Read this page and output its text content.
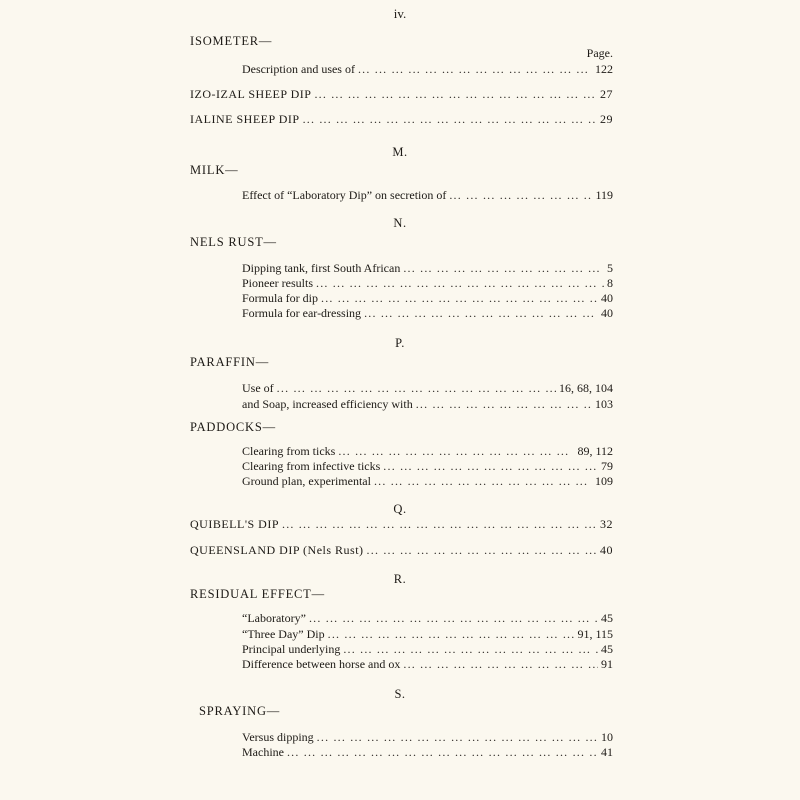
iv.
ISOMETER—
Page.
Description and uses of ... .	122
IZO-IZAL SHEEP DIP ... .	27
IALINE SHEEP DIP ... .	29
M.
MILK—
Effect of “Laboratory Dip” on secretion of ... .	119
N.
NELS RUST—
Dipping tank, first South African ... .	5
Pioneer results ... .	8
Formula for dip ... .	40
Formula for ear-dressing ... .	40
P.
PARAFFIN—
Use of ... .	16, 68, 104
and Soap, increased efficiency with ... .	103
PADDOCKS—
Clearing from ticks ... .	89, 112
Clearing from infective ticks ... .	79
Ground plan, experimental ... .	109
Q.
QUIBELL'S DIP ... .	32
QUEENSLAND DIP (Nels Rust) ... .	40
R.
RESIDUAL EFFECT—
“Laboratory” ... .	45
“Three Day” Dip ... .	91, 115
Principal underlying ... .	45
Difference between horse and ox ... .	91
S.
SPRAYING—
Versus dipping ... .	10
Machine ... .	41
